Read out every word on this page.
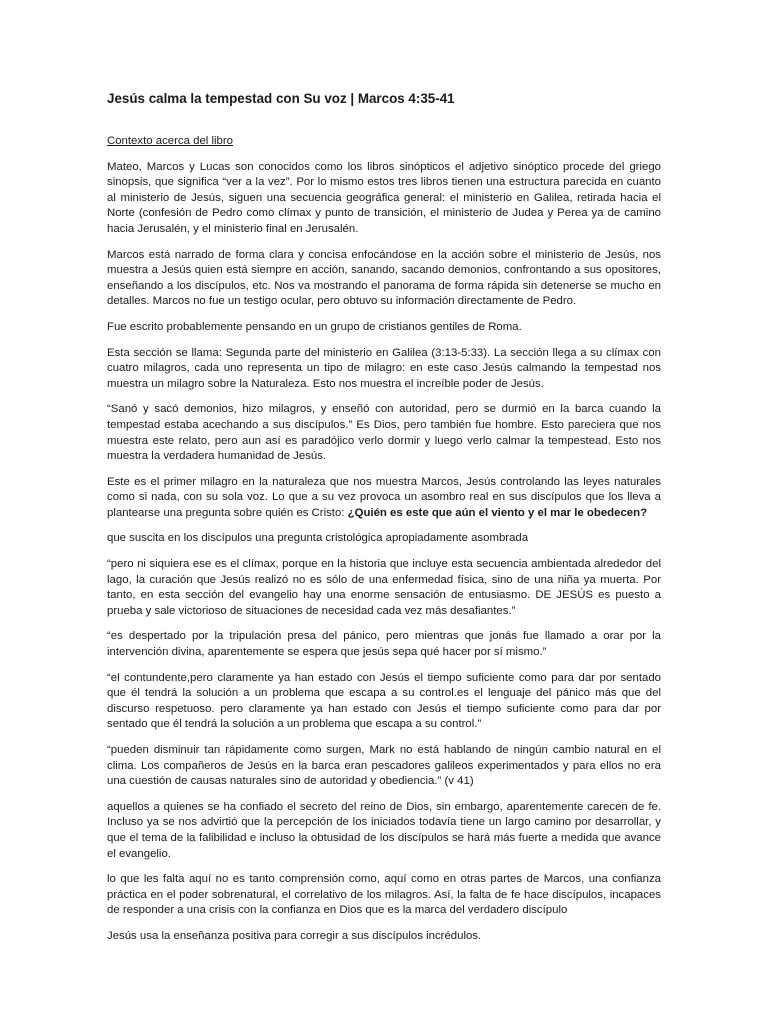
Jesús calma la tempestad con Su voz | Marcos 4:35-41
Contexto acerca del libro

Mateo, Marcos y Lucas son conocidos como los libros sinópticos el adjetivo sinóptico procede del griego sinopsis, que significa “ver a la vez”. Por lo mismo estos tres libros tienen una estructura parecida en cuanto al ministerio de Jesús, siguen una secuencia geográfica general: el ministerio en Galilea, retirada hacia el Norte (confesión de Pedro como clímax y punto de transición, el ministerio de Judea y Perea ya de camino hacia Jerusalén, y el ministerio final en Jerusalén.

Marcos está narrado de forma clara y concisa enfocándose en la acción sobre el ministerio de Jesús, nos muestra a Jesús quien está siempre en acción, sanando, sacando demonios, confrontando a sus opositores, enseñando a los discípulos, etc. Nos va mostrando el panorama de forma rápida sin detenerse se mucho en detalles. Marcos no fue un testigo ocular, pero obtuvo su información directamente de Pedro.

Fue escrito probablemente pensando en un grupo de cristianos gentiles de Roma.

Esta sección se llama: Segunda parte del ministerio en Galilea (3:13-5:33). La sección llega a su clímax con cuatro milagros, cada uno representa un tipo de milagro: en este caso Jesús calmando la tempestad nos muestra un milagro sobre la Naturaleza. Esto nos muestra el increíble poder de Jesús.

“Sanó y sacó demonios, hizo milagros, y enseñó con autoridad, pero se durmió en la barca cuando la tempestad estaba acechando a sus discípulos.” Es Dios, pero también fue hombre. Esto pareciera que nos muestra este relato, pero aun así es paradójico verlo dormir y luego verlo calmar la tempestead. Esto nos muestra la verdadera humanidad de Jesús.

Este es el primer milagro en la naturaleza que nos muestra Marcos, Jesús controlando las leyes naturales como si nada, con su sola voz. Lo que a su vez provoca un asombro real en sus discípulos que los lleva a plantearse una pregunta sobre quién es Cristo: ¿Quién es este que aún el viento y el mar le obedecen?

que suscita en los discípulos una pregunta cristológica apropiadamente asombrada

“pero ni siquiera ese es el clímax, porque en la historia que incluye esta secuencia ambientada alrededor del lago, la curación que Jesús realizó no es sólo de una enfermedad física, sino de una niña ya muerta. Por tanto, en esta sección del evangelio hay una enorme sensación de entusiasmo. DE JESÚS es puesto a prueba y sale victorioso de situaciones de necesidad cada vez más desafiantes.”

“es despertado por la tripulación presa del pánico, pero mientras que jonás fue llamado a orar por la intervención divina, aparentemente se espera que jesús sepa qué hacer por sí mismo.”

“el contundente,pero claramente ya han estado con Jesús el tiempo suficiente como para dar por sentado que él tendrá la solución a un problema que escapa a su control.es el lenguaje del pánico más que del discurso respetuoso. pero claramente ya han estado con Jesús el tiempo suficiente como para dar por sentado que él tendrá la solución a un problema que escapa a su control.”

“pueden disminuir tan rápidamente como surgen, Mark no está hablando de ningún cambio natural en el clima. Los compañeros de Jesús en la barca eran pescadores galileos experimentados y para ellos no era una cuestión de causas naturales sino de autoridad y obediencia.” (v 41)

aquellos a quienes se ha confiado el secreto del reino de Dios, sin embargo, aparentemente carecen de fe. Incluso ya se nos advirtió que la percepción de los iniciados todavía tiene un largo camino por desarrollar, y que el tema de la falibilidad e incluso la obtusidad de los discípulos se hará más fuerte a medida que avance el evangelio.

lo que les falta aquí no es tanto comprensión como, aquí como en otras partes de Marcos, una confianza práctica en el poder sobrenatural, el correlativo de los milagros. Así, la falta de fe hace discípulos, incapaces de responder a una crisis con la confianza en Dios que es la marca del verdadero discípulo

Jesús usa la enseñanza positiva para corregir a sus discípulos incrédulos.
